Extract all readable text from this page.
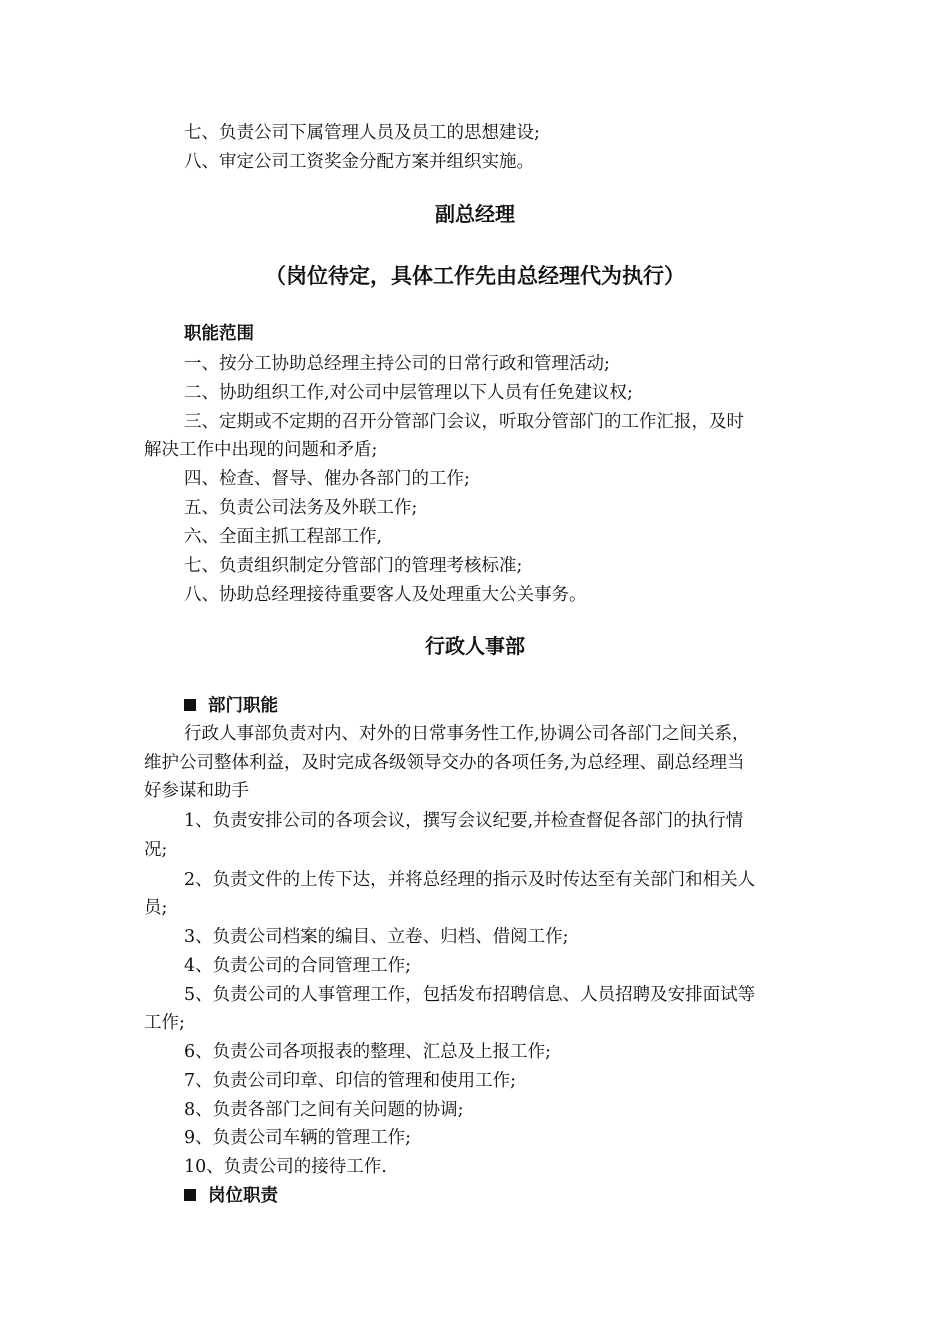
七、负责公司下属管理人员及员工的思想建设;
八、审定公司工资奖金分配方案并组织实施。
副总经理
（岗位待定，具体工作先由总经理代为执行）
职能范围
一、按分工协助总经理主持公司的日常行政和管理活动;
二、协助组织工作,对公司中层管理以下人员有任免建议权;
三、定期或不定期的召开分管部门会议，听取分管部门的工作汇报，及时
解决工作中出现的问题和矛盾;
四、检查、督导、催办各部门的工作;
五、负责公司法务及外联工作;
六、全面主抓工程部工作,
七、负责组织制定分管部门的管理考核标准;
八、协助总经理接待重要客人及处理重大公关事务。
行政人事部
部门职能
行政人事部负责对内、对外的日常事务性工作,协调公司各部门之间关系，
维护公司整体利益，及时完成各级领导交办的各项任务,为总经理、副总经理当
好参谋和助手
1、负责安排公司的各项会议，撰写会议纪要,并检查督促各部门的执行情
况;
2、负责文件的上传下达，并将总经理的指示及时传达至有关部门和相关人
员;
3、负责公司档案的编目、立卷、归档、借阅工作;
4、负责公司的合同管理工作;
5、负责公司的人事管理工作，包括发布招聘信息、人员招聘及安排面试等
工作;
6、负责公司各项报表的整理、汇总及上报工作;
7、负责公司印章、印信的管理和使用工作;
8、负责各部门之间有关问题的协调;
9、负责公司车辆的管理工作;
10、负责公司的接待工作.
岗位职责
